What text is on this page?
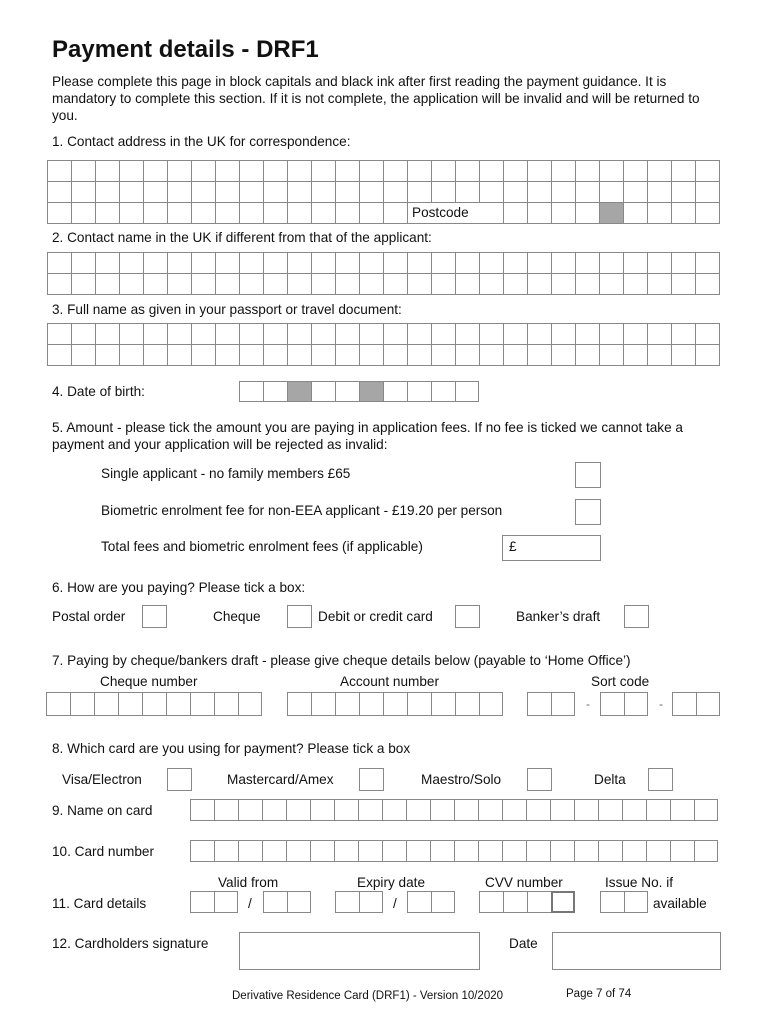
Payment details - DRF1
Please complete this page in block capitals and black ink after first reading the payment guidance. It is mandatory to complete this section. If it is not complete, the application will be invalid and will be returned to you.
1. Contact address in the UK for correspondence:
Postcode
2. Contact name in the UK if different from that of the applicant:
3. Full name as given in your passport or travel document:
4. Date of birth:
5. Amount - please tick the amount you are paying in application fees. If no fee is ticked we cannot take a payment and your application will be rejected as invalid:
Single applicant - no family members £65
Biometric enrolment fee for non-EEA applicant - £19.20 per person
Total fees and biometric enrolment fees (if applicable)	£
6. How are you paying? Please tick a box:
Postal order	Cheque	Debit or credit card	Banker’s draft
7. Paying by cheque/bankers draft - please give cheque details below (payable to ‘Home Office’)
Cheque number	Account number	Sort code
-	-
8. Which card are you using for payment? Please tick a box
Visa/Electron	Mastercard/Amex	Maestro/Solo	Delta
9. Name on card
10. Card number
Valid from	Expiry date	CVV number	Issue No. if
11. Card details	/	/	available
12. Cardholders signature	Date
Derivative Residence Card (DRF1) - Version 10/2020	Page 7 of 74
